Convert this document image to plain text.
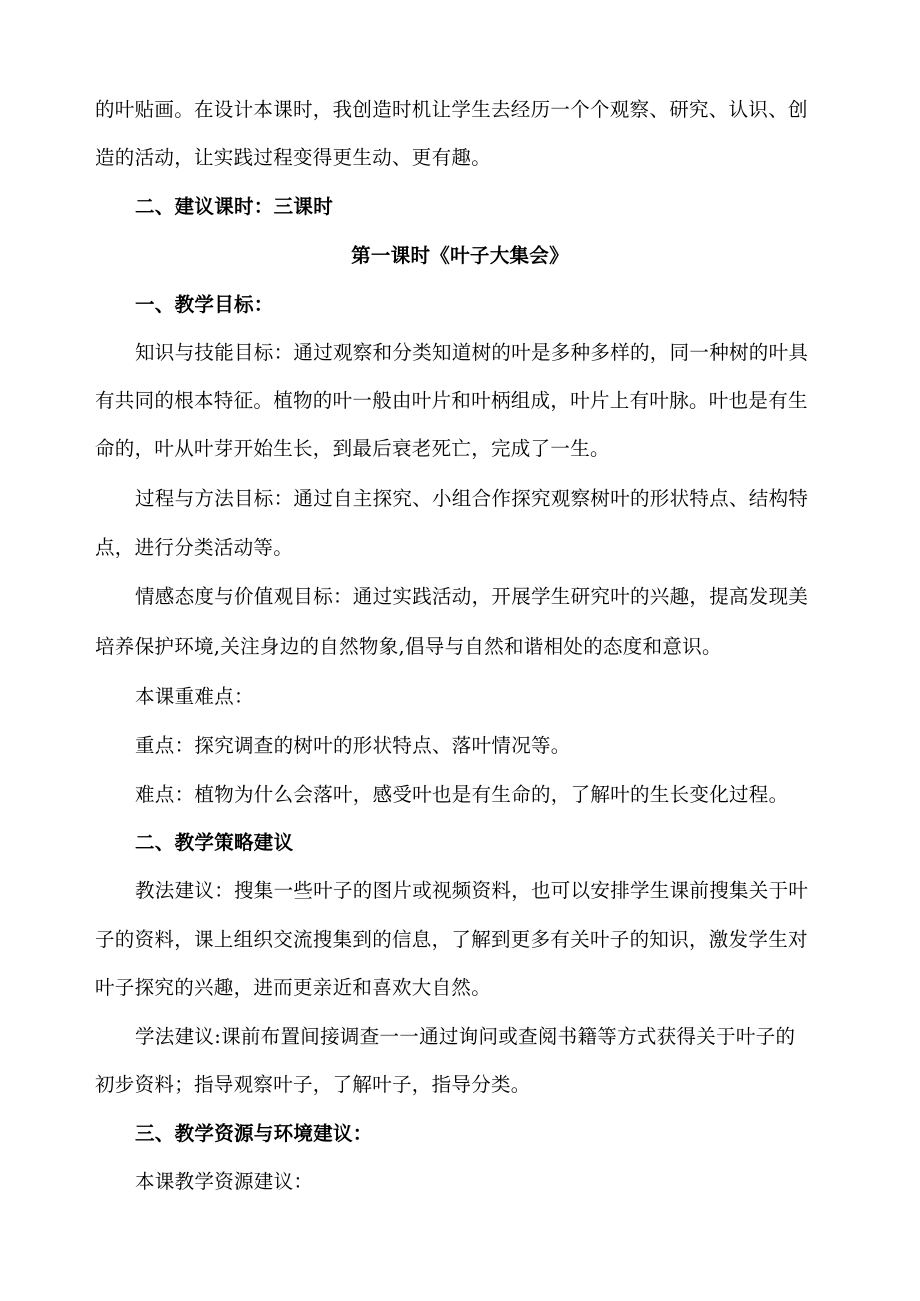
的叶贴画。在设计本课时，我创造时机让学生去经历一个个观察、研究、认识、创
造的活动，让实践过程变得更生动、更有趣。
二、建议课时：三课时
第一课时《叶子大集会》
一、教学目标：
知识与技能目标：通过观察和分类知道树的叶是多种多样的，同一种树的叶具
有共同的根本特征。植物的叶一般由叶片和叶柄组成，叶片上有叶脉。叶也是有生
命的，叶从叶芽开始生长，到最后衰老死亡，完成了一生。
过程与方法目标：通过自主探究、小组合作探究观察树叶的形状特点、结构特
点，进行分类活动等。
情感态度与价值观目标：通过实践活动，开展学生研究叶的兴趣，提高发现美
培养保护环境,关注身边的自然物象,倡导与自然和谐相处的态度和意识。
本课重难点：
重点：探究调查的树叶的形状特点、落叶情况等。
难点：植物为什么会落叶，感受叶也是有生命的，了解叶的生长变化过程。
二、教学策略建议
教法建议：搜集一些叶子的图片或视频资料，也可以安排学生课前搜集关于叶
子的资料，课上组织交流搜集到的信息，了解到更多有关叶子的知识，激发学生对
叶子探究的兴趣，进而更亲近和喜欢大自然。
学法建议:课前布置间接调查一一通过询问或查阅书籍等方式获得关于叶子的
初步资料；指导观察叶子，了解叶子，指导分类。
三、教学资源与环境建议：
本课教学资源建议：
